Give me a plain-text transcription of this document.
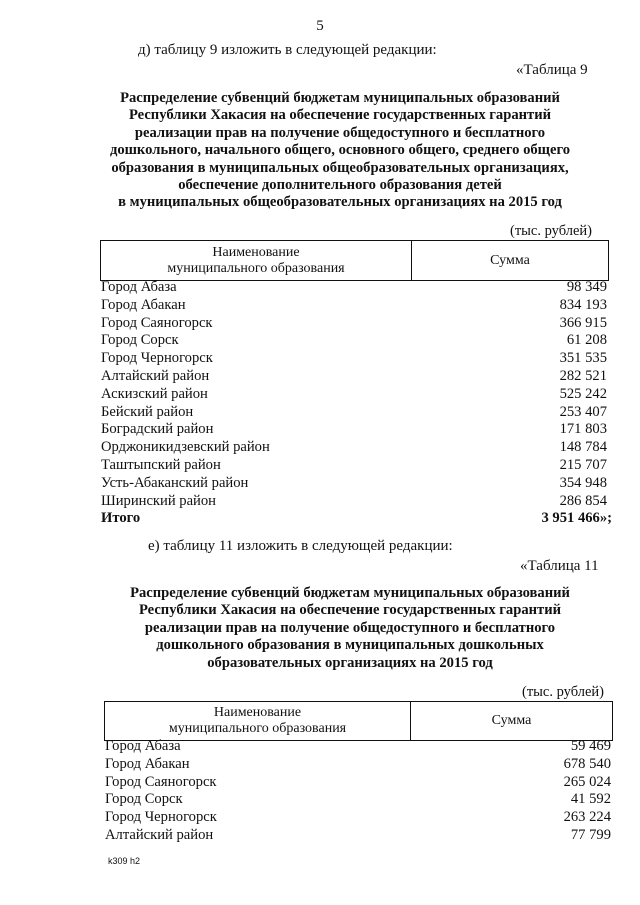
5
д) таблицу 9 изложить в следующей редакции:
«Таблица 9
Распределение субвенций бюджетам муниципальных образований
Республики Хакасия на обеспечение государственных гарантий
реализации прав на получение общедоступного и бесплатного
дошкольного, начального общего, основного общего, среднего общего
образования в муниципальных общеобразовательных организациях,
обеспечение дополнительного образования детей
в муниципальных общеобразовательных организациях на 2015 год
(тыс. рублей)
Наименование
муниципального образования
	Сумма
Город Абаза	98 349
Город Абакан	834 193
Город Саяногорск	366 915
Город Сорск	61 208
Город Черногорск	351 535
Алтайский район	282 521
Аскизский район	525 242
Бейский район	253 407
Боградский район	171 803
Орджоникидзевский район	148 784
Таштыпский район	215 707
Усть-Абаканский район	354 948
Ширинский район	286 854
Итого	3 951 466»;
е) таблицу 11 изложить в следующей редакции:
«Таблица 11
Распределение субвенций бюджетам муниципальных образований
Республики Хакасия на обеспечение государственных гарантий
реализации прав на получение общедоступного и бесплатного
дошкольного образования в муниципальных дошкольных
образовательных организациях на 2015 год
(тыс. рублей)
Наименование
муниципального образования
	Сумма
Город Абаза	59 469
Город Абакан	678 540
Город Саяногорск	265 024
Город Сорск	41 592
Город Черногорск	263 224
Алтайский район	77 799
k309 h2
